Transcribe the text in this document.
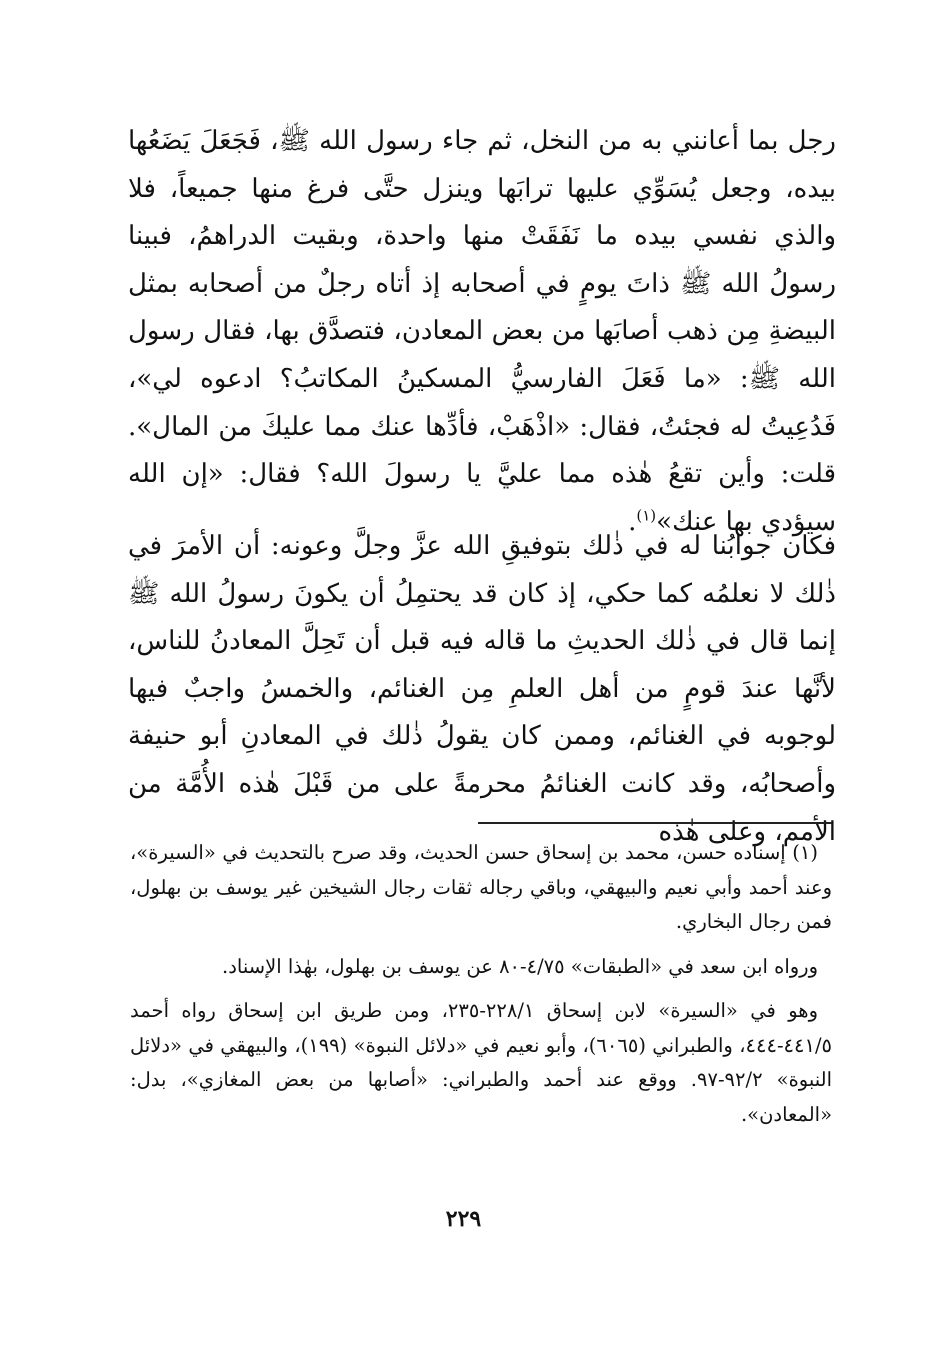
رجل بما أعانني به من النخل، ثم جاء رسول الله ﷺ، فَجَعَلَ يَضَعُها بيده، وجعل يُسَوِّي عليها ترابَها وينزل حتَّى فرغ منها جميعاً، فلا والذي نفسي بيده ما نَفَقَتْ منها واحدة، وبقيت الدراهمُ، فبينا رسولُ الله ﷺ ذاتَ يومٍ في أصحابه إذ أتاه رجلٌ من أصحابه بمثل البيضةِ مِن ذهب أصابَها من بعض المعادن، فتصدَّق بها، فقال رسول الله ﷺ: «ما فَعَلَ الفارسيُّ المسكينُ المكاتبُ؟ ادعوه لي»، فَدُعِيتُ له فجئتُ، فقال: «اذْهَبْ، فأدِّها عنك مما عليكَ من المال». قلت: وأين تقعُ هٰذه مما عليَّ يا رسولَ الله؟ فقال: «إن الله سيؤدي بها عنك»$^{(١)}$.

فكان جوابُنا له في ذٰلك بتوفيقِ الله عزَّ وجلَّ وعونه: أن الأمرَ في ذٰلك لا نعلمُه كما حكي، إذ كان قد يحتمِلُ أن يكونَ رسولُ الله ﷺ إنما قال في ذٰلك الحديثِ ما قاله فيه قبل أن تَحِلَّ المعادنُ للناس، لأنَّها عندَ قومٍ من أهل العلمِ مِن الغنائم، والخمسُ واجبٌ فيها لوجوبه في الغنائم، وممن كان يقولُ ذٰلك في المعادنِ أبو حنيفة وأصحابُه، وقد كانت الغنائمُ محرمةً على من قَبْلَ هٰذه الأُمَّة من الأمم، وعلى هٰذه

(١) إسناده حسن، محمد بن إسحاق حسن الحديث، وقد صرح بالتحديث في «السيرة»، وعند أحمد وأبي نعيم والبيهقي، وباقي رجاله ثقات رجال الشيخين غير يوسف بن بهلول، فمن رجال البخاري.

ورواه ابن سعد في «الطبقات» ٤/٧٥-٨٠ عن يوسف بن بهلول، بهٰذا الإسناد.

وهو في «السيرة» لابن إسحاق ٢٢٨/١-٢٣٥، ومن طريق ابن إسحاق رواه أحمد ٤٤١/٥-٤٤٤، والطبراني (٦٠٦٥)، وأبو نعيم في «دلائل النبوة» (١٩٩)، والبيهقي في «دلائل النبوة» ٩٢/٢-٩٧. ووقع عند أحمد والطبراني: «أصابها من بعض المغازي»، بدل: «المعادن».

٢٢٩
